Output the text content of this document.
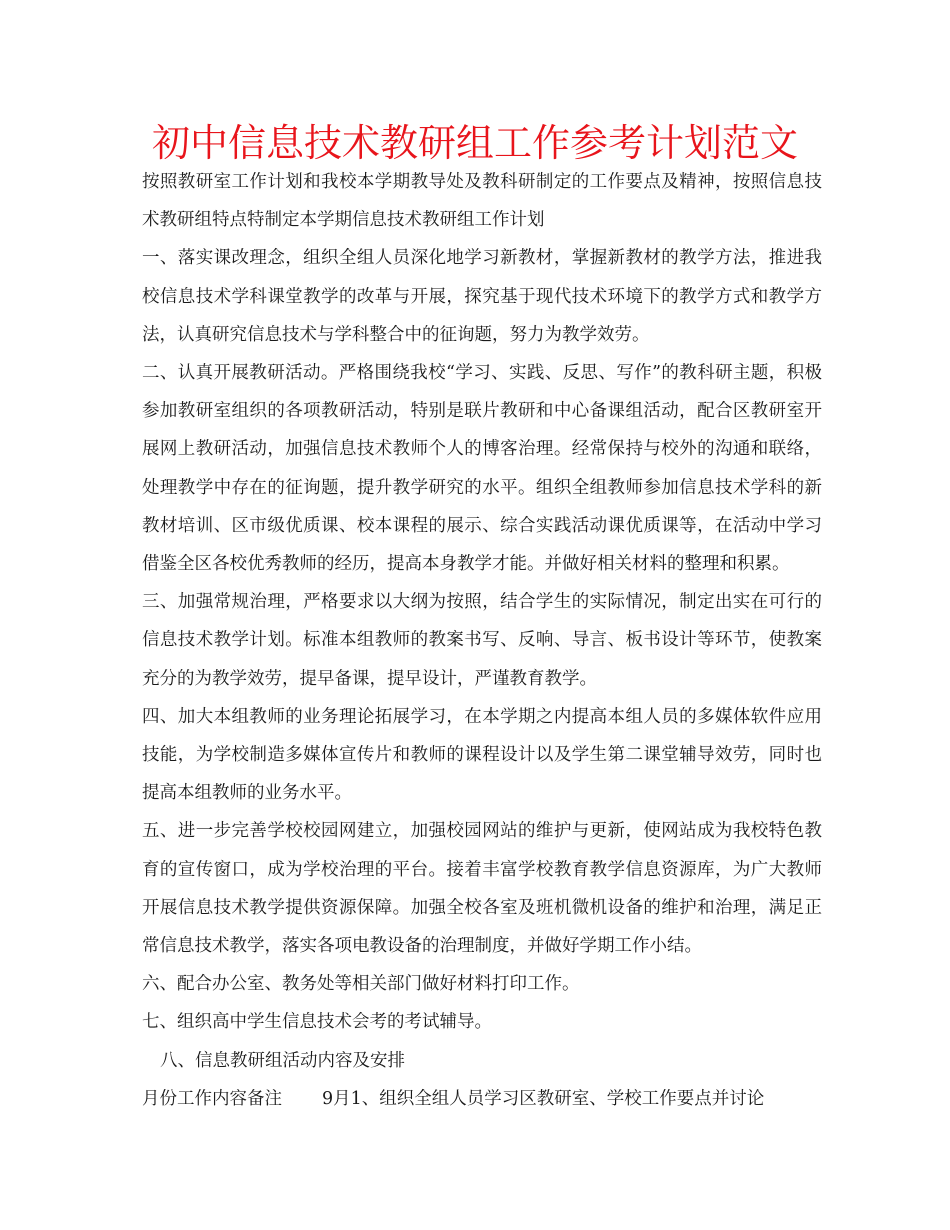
初中信息技术教研组工作参考计划范文

按照教研室工作计划和我校本学期教导处及教科研制定的工作要点及精神，按照信息技术教研组特点特制定本学期信息技术教研组工作计划

一、落实课改理念，组织全组人员深化地学习新教材，掌握新教材的教学方法，推进我校信息技术学科课堂教学的改革与开展，探究基于现代技术环境下的教学方式和教学方法，认真研究信息技术与学科整合中的征询题，努力为教学效劳。

二、认真开展教研活动。严格围绕我校“学习、实践、反思、写作”的教科研主题，积极参加教研室组织的各项教研活动，特别是联片教研和中心备课组活动，配合区教研室开展网上教研活动，加强信息技术教师个人的博客治理。经常保持与校外的沟通和联络，处理教学中存在的征询题，提升教学研究的水平。组织全组教师参加信息技术学科的新教材培训、区市级优质课、校本课程的展示、综合实践活动课优质课等，在活动中学习借鉴全区各校优秀教师的经历，提高本身教学才能。并做好相关材料的整理和积累。

三、加强常规治理，严格要求以大纲为按照，结合学生的实际情况，制定出实在可行的信息技术教学计划。标准本组教师的教案书写、反响、导言、板书设计等环节，使教案充分的为教学效劳，提早备课，提早设计，严谨教育教学。

四、加大本组教师的业务理论拓展学习，在本学期之内提高本组人员的多媒体软件应用技能，为学校制造多媒体宣传片和教师的课程设计以及学生第二课堂辅导效劳，同时也提高本组教师的业务水平。

五、进一步完善学校校园网建立，加强校园网站的维护与更新，使网站成为我校特色教育的宣传窗口，成为学校治理的平台。接着丰富学校教育教学信息资源库，为广大教师开展信息技术教学提供资源保障。加强全校各室及班机微机设备的维护和治理，满足正常信息技术教学，落实各项电教设备的治理制度，并做好学期工作小结。

六、配合办公室、教务处等相关部门做好材料打印工作。

七、组织高中学生信息技术会考的考试辅导。

八、信息教研组活动内容及安排

月份工作内容备注 9月1、组织全组人员学习区教研室、学校工作要点并讨论
